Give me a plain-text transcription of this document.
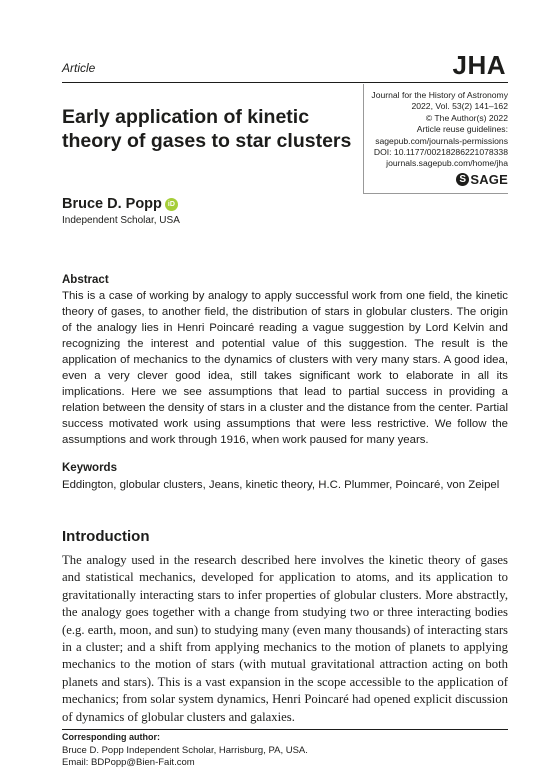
Article	JHA
Journal for the History of Astronomy
2022, Vol. 53(2) 141–162
© The Author(s) 2022
Article reuse guidelines:
sagepub.com/journals-permissions
DOI: 10.1177/00218286221078338
journals.sagepub.com/home/jha
S SAGE
Early application of kinetic theory of gases to star clusters
Bruce D. Popp iD
Independent Scholar, USA
Abstract
This is a case of working by analogy to apply successful work from one field, the kinetic theory of gases, to another field, the distribution of stars in globular clusters. The origin of the analogy lies in Henri Poincaré reading a vague suggestion by Lord Kelvin and recognizing the interest and potential value of this suggestion. The result is the application of mechanics to the dynamics of clusters with very many stars. A good idea, even a very clever good idea, still takes significant work to elaborate in all its implications. Here we see assumptions that lead to partial success in providing a relation between the density of stars in a cluster and the distance from the center. Partial success motivated work using assumptions that were less restrictive. We follow the assumptions and work through 1916, when work paused for many years.
Keywords
Eddington, globular clusters, Jeans, kinetic theory, H.C. Plummer, Poincaré, von Zeipel
Introduction
The analogy used in the research described here involves the kinetic theory of gases and statistical mechanics, developed for application to atoms, and its application to gravitationally interacting stars to infer properties of globular clusters. More abstractly, the analogy goes together with a change from studying two or three interacting bodies (e.g. earth, moon, and sun) to studying many (even many thousands) of interacting stars in a cluster; and a shift from applying mechanics to the motion of planets to applying mechanics to the motion of stars (with mutual gravitational attraction acting on both planets and stars). This is a vast expansion in the scope accessible to the application of mechanics; from solar system dynamics, Henri Poincaré had opened explicit discussion of dynamics of globular clusters and galaxies.
Corresponding author:
Bruce D. Popp Independent Scholar, Harrisburg, PA, USA.
Email: BDPopp@Bien-Fait.com
